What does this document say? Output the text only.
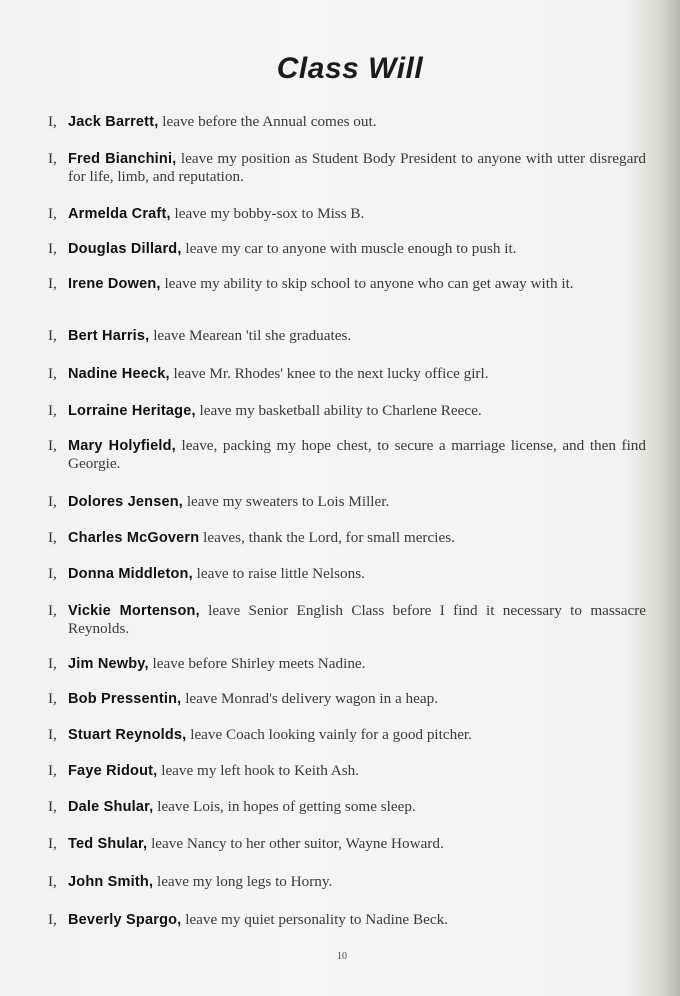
Class Will
I, Jack Barrett, leave before the Annual comes out.
I, Fred Bianchini, leave my position as Student Body President to anyone with utter disregard for life, limb, and reputation.
I, Armelda Craft, leave my bobby-sox to Miss B.
I, Douglas Dillard, leave my car to anyone with muscle enough to push it.
I, Irene Dowen, leave my ability to skip school to anyone who can get away with it.
I, Bert Harris, leave Mearean 'til she graduates.
I, Nadine Heeck, leave Mr. Rhodes' knee to the next lucky office girl.
I, Lorraine Heritage, leave my basketball ability to Charlene Reece.
I, Mary Holyfield, leave, packing my hope chest, to secure a marriage license, and then find Georgie.
I, Dolores Jensen, leave my sweaters to Lois Miller.
I, Charles McGovern leaves, thank the Lord, for small mercies.
I, Donna Middleton, leave to raise little Nelsons.
I, Vickie Mortenson, leave Senior English Class before I find it necessary to massacre Reynolds.
I, Jim Newby, leave before Shirley meets Nadine.
I, Bob Pressentin, leave Monrad's delivery wagon in a heap.
I, Stuart Reynolds, leave Coach looking vainly for a good pitcher.
I, Faye Ridout, leave my left hook to Keith Ash.
I, Dale Shular, leave Lois, in hopes of getting some sleep.
I, Ted Shular, leave Nancy to her other suitor, Wayne Howard.
I, John Smith, leave my long legs to Horny.
I, Beverly Spargo, leave my quiet personality to Nadine Beck.
10
